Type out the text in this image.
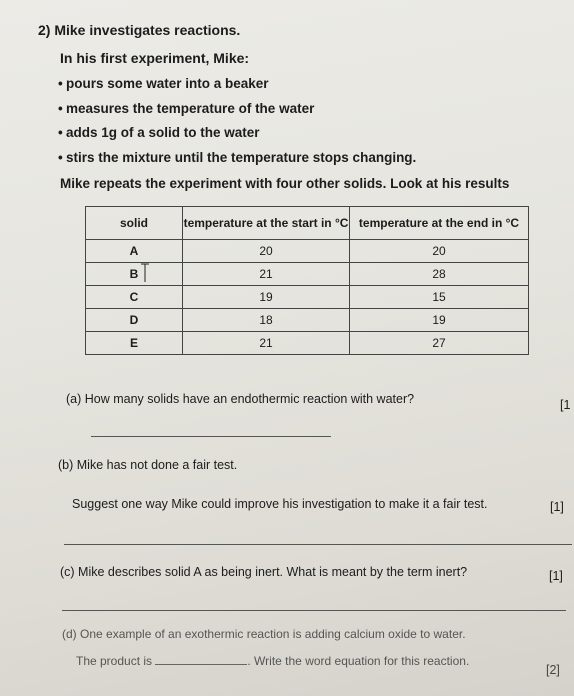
2) Mike investigates reactions.
In his first experiment, Mike:
• pours some water into a beaker
• measures the temperature of the water
• adds 1g of a solid to the water
• stirs the mixture until the temperature stops changing.
Mike repeats the experiment with four other solids. Look at his results
solid	temperature at the start in °C	temperature at the end in °C
A	20	20
B	21	28
C	19	15
D	18	19
E	21	27
(a) How many solids have an endothermic reaction with water?	[1
(b) Mike has not done a fair test.
Suggest one way Mike could improve his investigation to make it a fair test.	[1]
(c) Mike describes solid A as being inert. What is meant by the term inert?	[1]
(d) One example of an exothermic reaction is adding calcium oxide to water.
The product is	. Write the word equation for this reaction.
[2]
